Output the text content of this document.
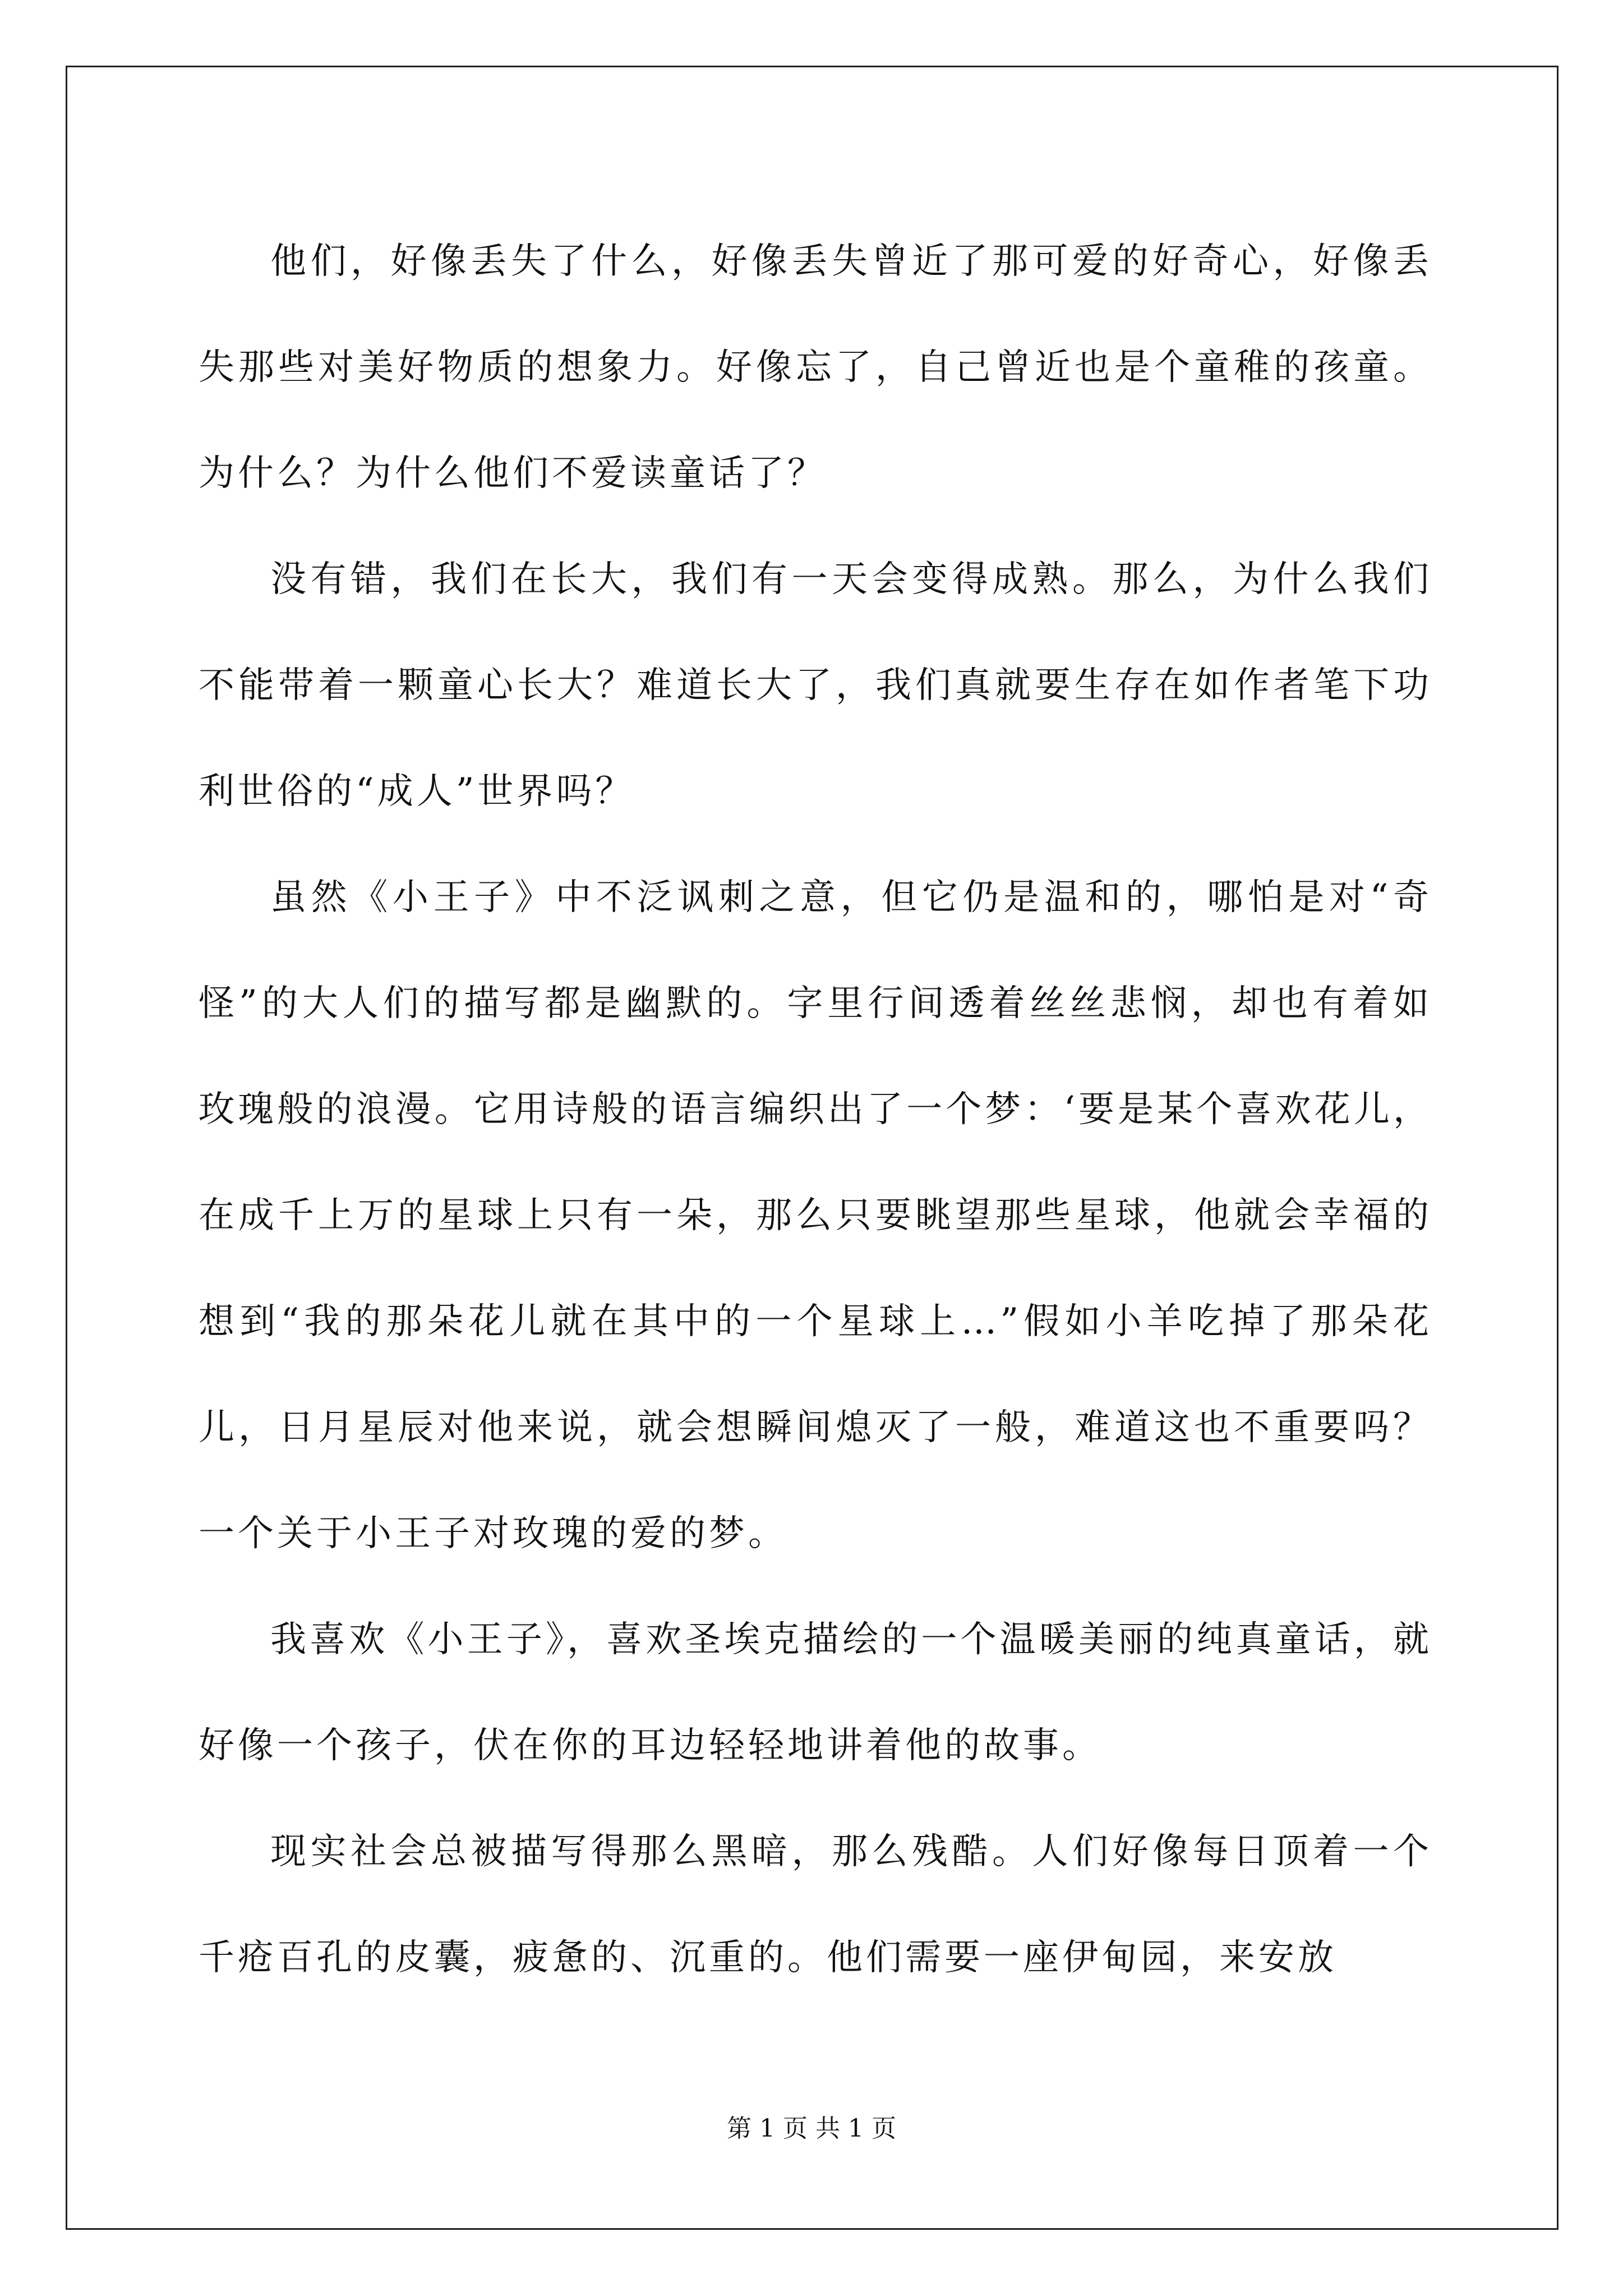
他们，好像丢失了什么，好像丢失曾近了那可爱的好奇心，好像丢失那些对美好物质的想象力。好像忘了，自己曾近也是个童稚的孩童。为什么？为什么他们不爱读童话了？

没有错，我们在长大，我们有一天会变得成熟。那么，为什么我们不能带着一颗童心长大？难道长大了，我们真就要生存在如作者笔下功利世俗的“成人”世界吗？

虽然《小王子》中不泛讽刺之意，但它仍是温和的，哪怕是对“奇怪”的大人们的描写都是幽默的。字里行间透着丝丝悲悯，却也有着如玫瑰般的浪漫。它用诗般的语言编织出了一个梦：‘要是某个喜欢花儿，在成千上万的星球上只有一朵，那么只要眺望那些星球，他就会幸福的想到“我的那朵花儿就在其中的一个星球上…”假如小羊吃掉了那朵花儿，日月星辰对他来说，就会想瞬间熄灭了一般，难道这也不重要吗？一个关于小王子对玫瑰的爱的梦。

我喜欢《小王子》，喜欢圣埃克描绘的一个温暖美丽的纯真童话，就好像一个孩子，伏在你的耳边轻轻地讲着他的故事。

现实社会总被描写得那么黑暗，那么残酷。人们好像每日顶着一个千疮百孔的皮囊，疲惫的、沉重的。他们需要一座伊甸园，来安放

第 1 页 共 1 页
